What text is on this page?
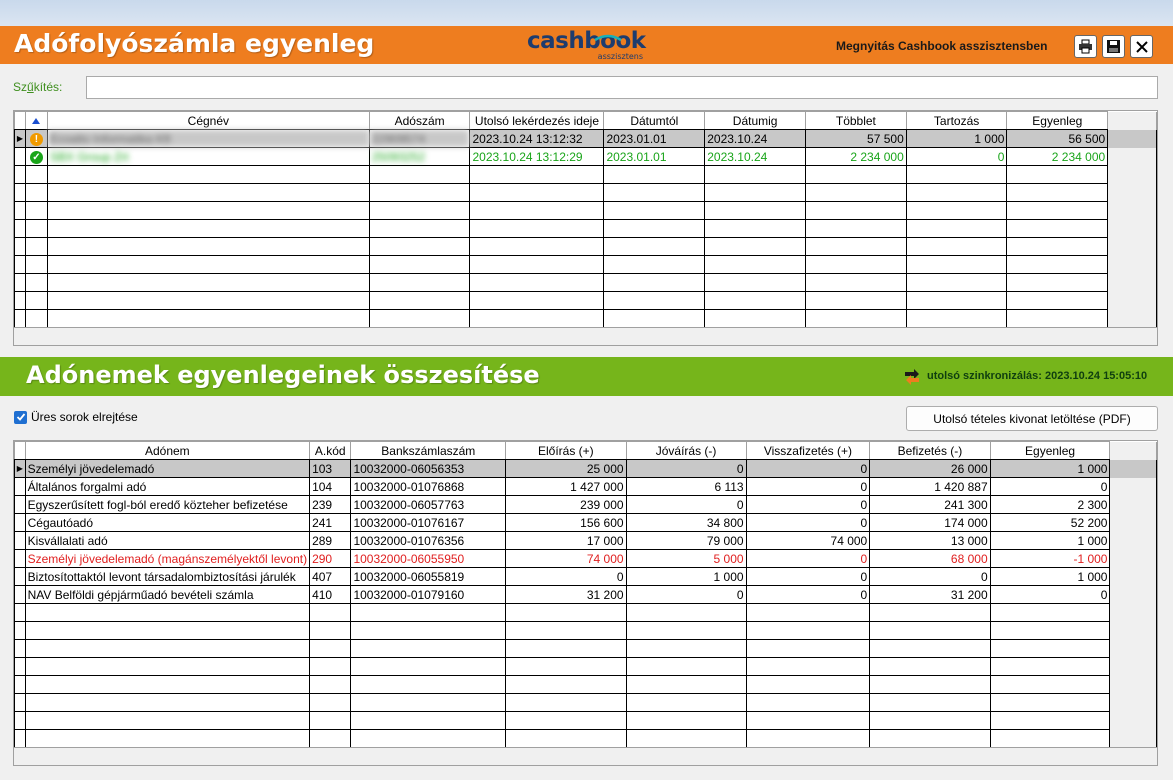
Adófolyószámla egyenleg	cashbook
asszisztens
Megnyitás Cashbook asszisztensben
Szűkítés:
		Cégnév	Adószám	Utolsó lekérdezés ideje	Dátumtól	Dátumig	Többlet	Tartozás	Egyenleg	
▶	!	Ecoalto Informatika Kft	22909574	2023.10.24 13:12:32	2023.01.01	2023.10.24	57 500	1 000	56 500	
	✓	SBX Group Zrt	25093252	2023.10.24 13:12:29	2023.01.01	2023.10.24	2 234 000	0	2 234 000	

Adónemek egyenlegeinek összesítése	utolsó szinkronizálás: 2023.10.24 15:05:10
Üres sorok elrejtése	Utolsó tételes kivonat letöltése (PDF)
	Adónem	A.kód	Bankszámlaszám	Előírás (+)	Jóváírás (-)	Visszafizetés (+)	Befizetés (-)	Egyenleg	
▶	Személyi jövedelemadó	103	10032000-06056353	25 000	0	0	26 000	1 000	
	Általános forgalmi adó	104	10032000-01076868	1 427 000	6 113	0	1 420 887	0	
	Egyszerűsített fogl-ból eredő közteher befizetése	239	10032000-06057763	239 000	0	0	241 300	2 300	
	Cégautóadó	241	10032000-01076167	156 600	34 800	0	174 000	52 200	
	Kisvállalati adó	289	10032000-01076356	17 000	79 000	74 000	13 000	1 000	
	Személyi jövedelemadó (magánszemélyektől levont)	290	10032000-06055950	74 000	5 000	0	68 000	-1 000	
	Biztosítottaktól levont társadalombiztosítási járulék	407	10032000-06055819	0	1 000	0	0	1 000	
	NAV Belföldi gépjárműadó bevételi számla	410	10032000-01079160	31 200	0	0	31 200	0	
